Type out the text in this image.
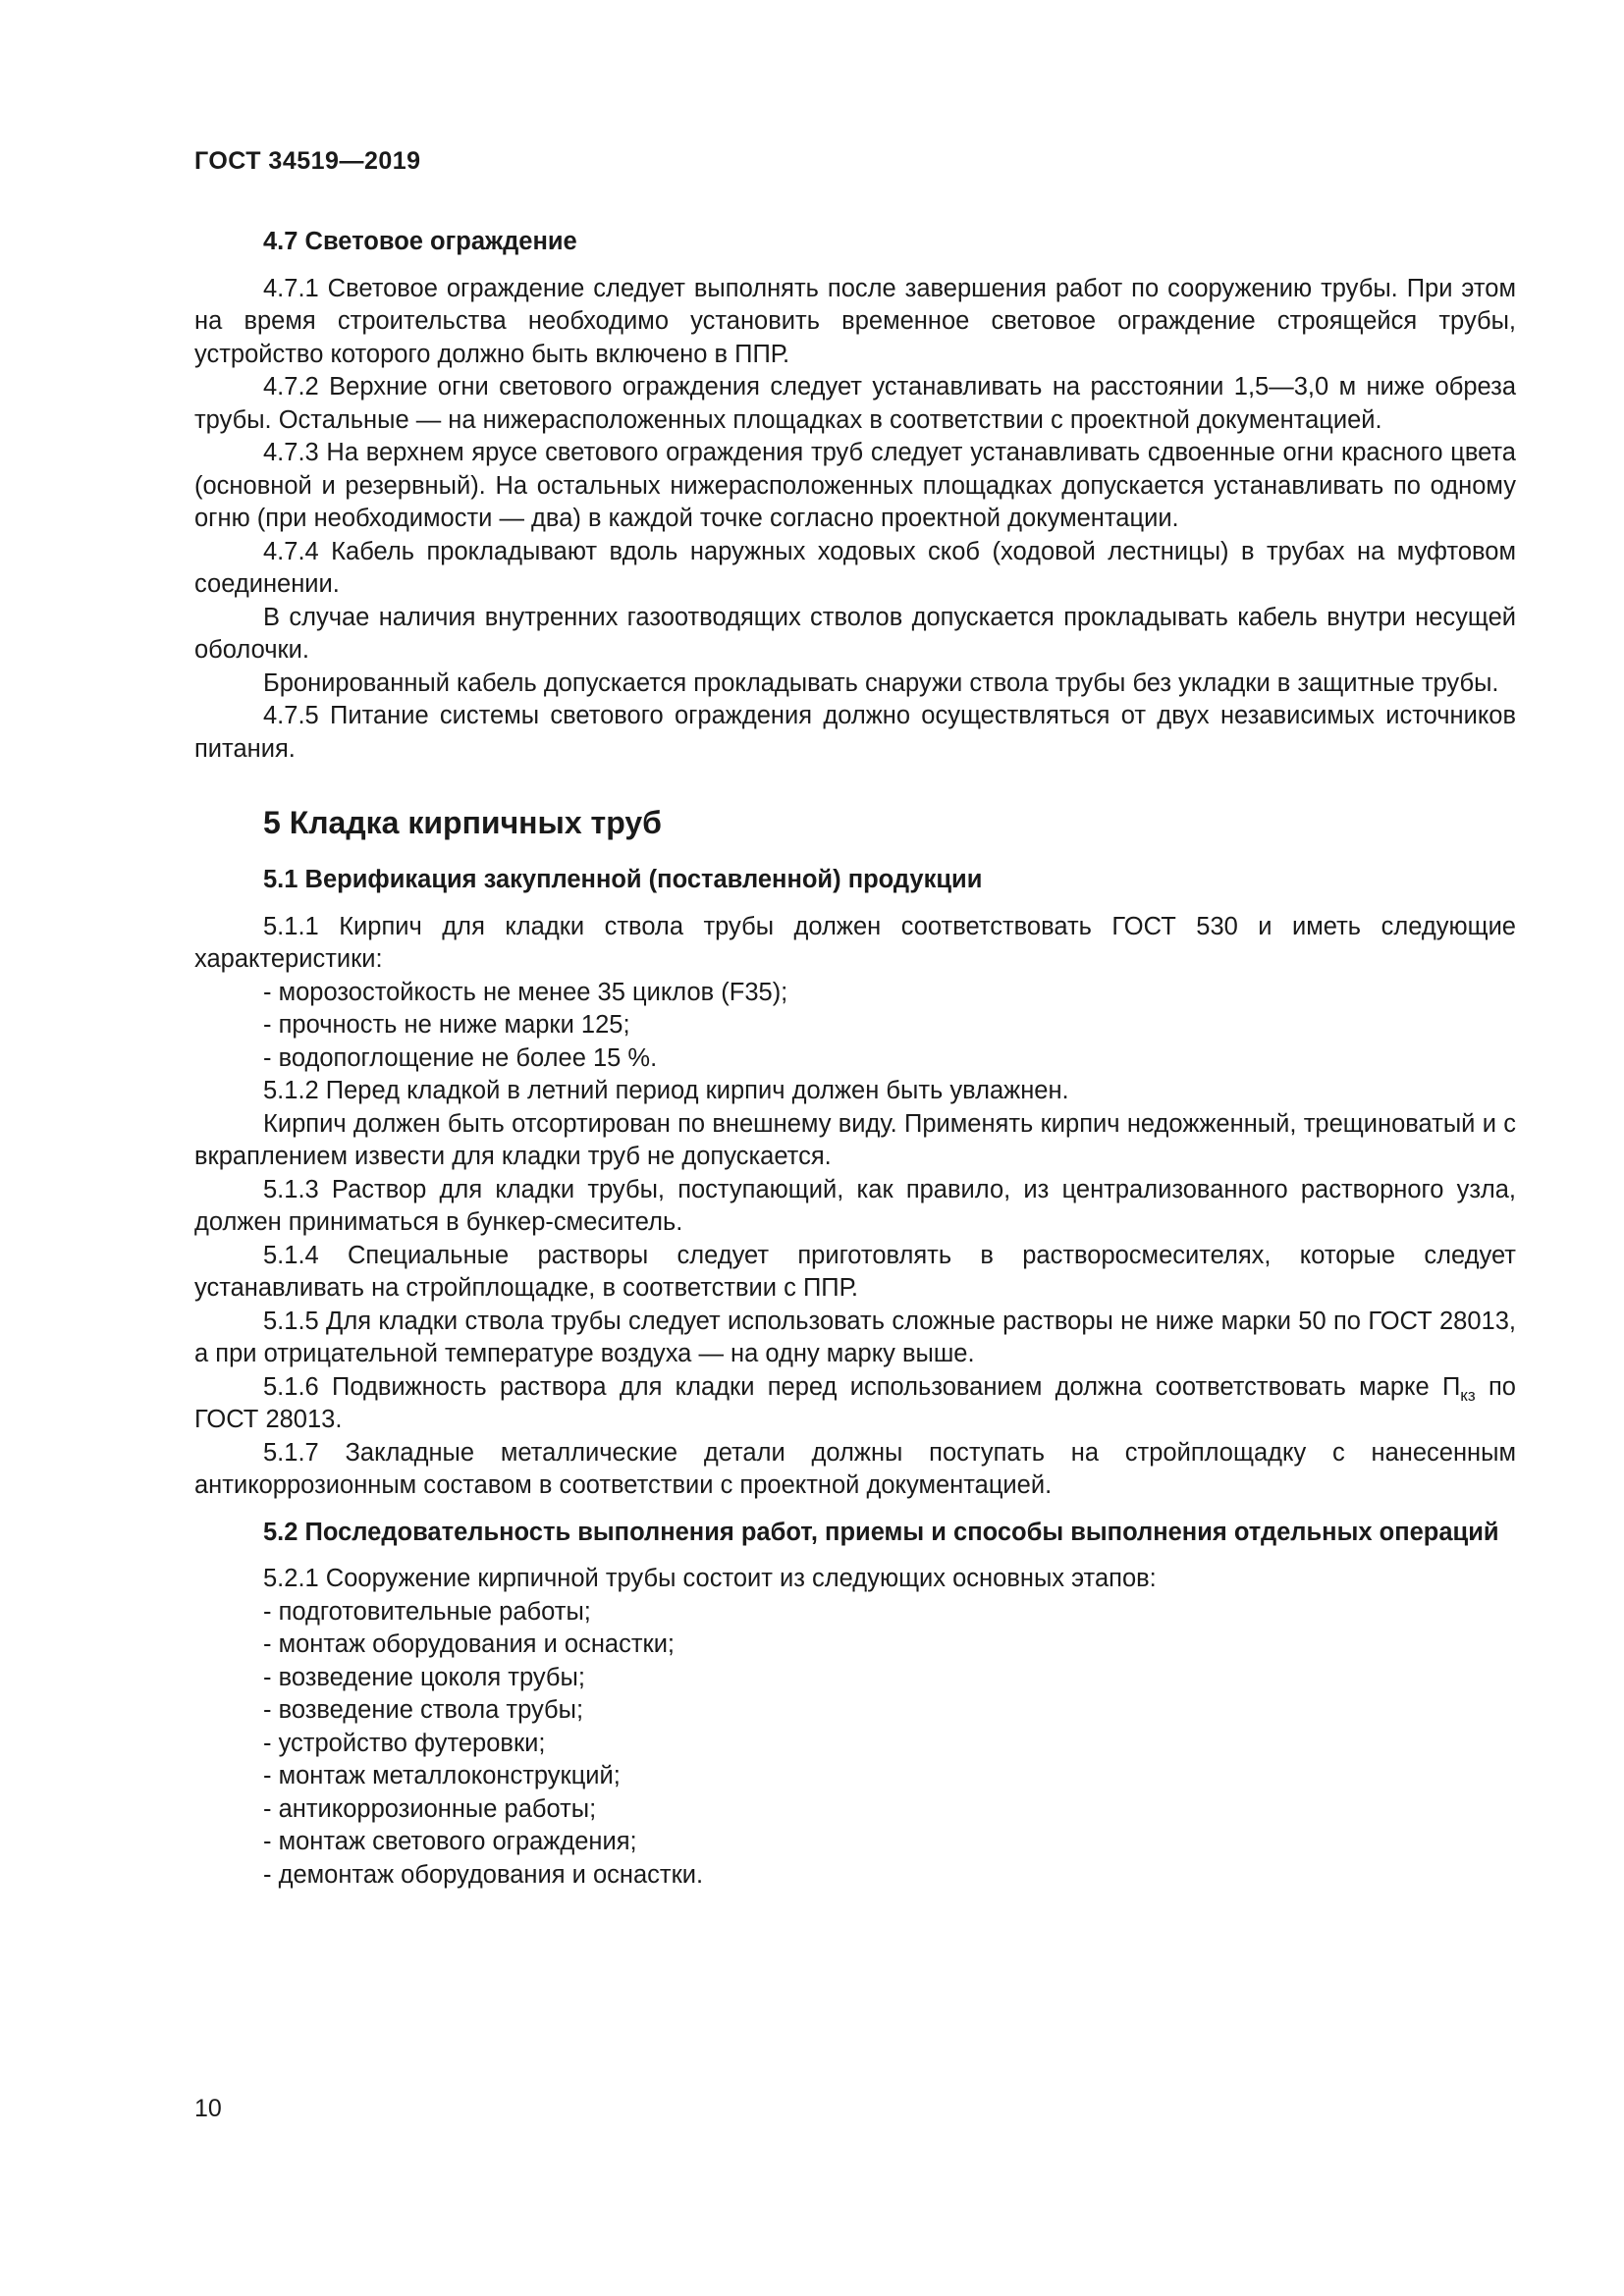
ГОСТ 34519—2019

4.7 Световое ограждение

4.7.1 Световое ограждение следует выполнять после завершения работ по сооружению трубы. При этом на время строительства необходимо установить временное световое ограждение строящейся трубы, устройство которого должно быть включено в ППР.

4.7.2 Верхние огни светового ограждения следует устанавливать на расстоянии 1,5—3,0 м ниже обреза трубы. Остальные — на нижерасположенных площадках в соответствии с проектной документацией.

4.7.3 На верхнем ярусе светового ограждения труб следует устанавливать сдвоенные огни красного цвета (основной и резервный). На остальных нижерасположенных площадках допускается устанавливать по одному огню (при необходимости — два) в каждой точке согласно проектной документации.

4.7.4 Кабель прокладывают вдоль наружных ходовых скоб (ходовой лестницы) в трубах на муфтовом соединении.

В случае наличия внутренних газоотводящих стволов допускается прокладывать кабель внутри несущей оболочки.

Бронированный кабель допускается прокладывать снаружи ствола трубы без укладки в защитные трубы.

4.7.5 Питание системы светового ограждения должно осуществляться от двух независимых источников питания.

5 Кладка кирпичных труб

5.1 Верификация закупленной (поставленной) продукции

5.1.1 Кирпич для кладки ствола трубы должен соответствовать ГОСТ 530 и иметь следующие характеристики:

- морозостойкость не менее 35 циклов (F35);

- прочность не ниже марки 125;

- водопоглощение не более 15 %.

5.1.2 Перед кладкой в летний период кирпич должен быть увлажнен.

Кирпич должен быть отсортирован по внешнему виду. Применять кирпич недожженный, трещиноватый и с вкраплением извести для кладки труб не допускается.

5.1.3 Раствор для кладки трубы, поступающий, как правило, из централизованного растворного узла, должен приниматься в бункер-смеситель.

5.1.4 Специальные растворы следует приготовлять в растворосмесителях, которые следует устанавливать на стройплощадке, в соответствии с ППР.

5.1.5 Для кладки ствола трубы следует использовать сложные растворы не ниже марки 50 по ГОСТ 28013, а при отрицательной температуре воздуха — на одну марку выше.

5.1.6 Подвижность раствора для кладки перед использованием должна соответствовать марке $П_{кз}$ по ГОСТ 28013.

5.1.7 Закладные металлические детали должны поступать на стройплощадку с нанесенным антикоррозионным составом в соответствии с проектной документацией.

5.2 Последовательность выполнения работ, приемы и способы выполнения отдельных операций

5.2.1 Сооружение кирпичной трубы состоит из следующих основных этапов:

- подготовительные работы;

- монтаж оборудования и оснастки;

- возведение цоколя трубы;

- возведение ствола трубы;

- устройство футеровки;

- монтаж металлоконструкций;

- антикоррозионные работы;

- монтаж светового ограждения;

- демонтаж оборудования и оснастки.

10
